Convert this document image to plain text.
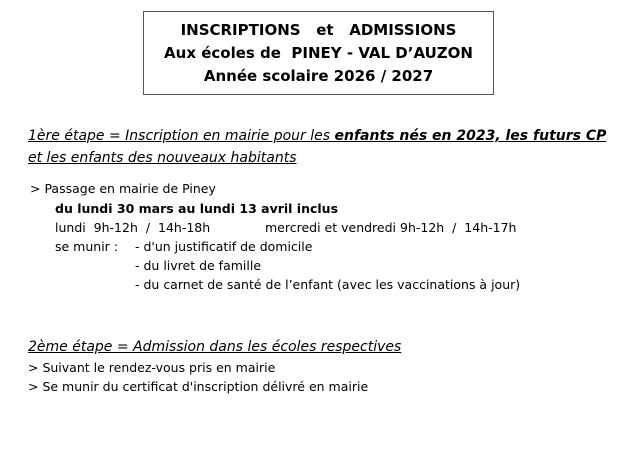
INSCRIPTIONS   et   ADMISSIONS
Aux écoles de  PINEY - VAL D’AUZON
Année scolaire 2026 / 2027
1ère étape = Inscription en mairie pour les enfants nés en 2023, les futurs CP
et les enfants des nouveaux habitants
> Passage en mairie de Piney
du lundi 30 mars au lundi 13 avril inclus
lundi  9h-12h  /  14h-18h	mercredi et vendredi 9h-12h  /  14h-17h
se munir : - d'un justificatif de domicile
- du livret de famille
- du carnet de santé de l’enfant (avec les vaccinations à jour)
2ème étape = Admission dans les écoles respectives
> Suivant le rendez-vous pris en mairie
> Se munir du certificat d'inscription délivré en mairie
